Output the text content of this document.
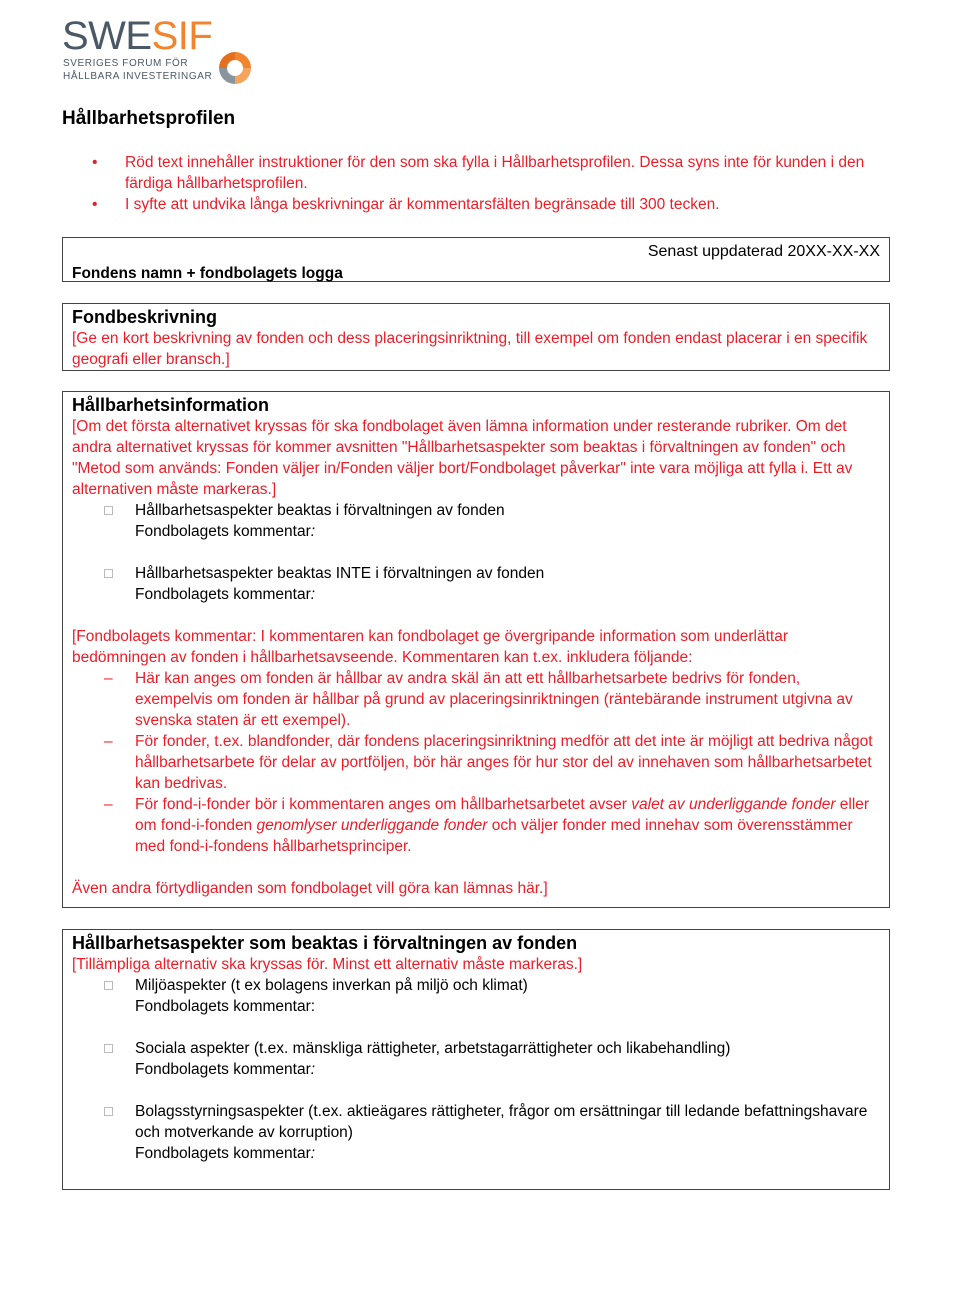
SWESIF
SVERIGES FORUM FÖR
HÅLLBARA INVESTERINGAR
Hållbarhetsprofilen
• Röd text innehåller instruktioner för den som ska fylla i Hållbarhetsprofilen. Dessa syns inte för kunden i den färdiga hållbarhetsprofilen.
• I syfte att undvika långa beskrivningar är kommentarsfälten begränsade till 300 tecken.
Senast uppdaterad 20XX-XX-XX
Fondens namn + fondbolagets logga
Fondbeskrivning
[Ge en kort beskrivning av fonden och dess placeringsinriktning, till exempel om fonden endast placerar i en specifik geografi eller bransch.]
Hållbarhetsinformation
[Om det första alternativet kryssas för ska fondbolaget även lämna information under resterande rubriker. Om det andra alternativet kryssas för kommer avsnitten "Hållbarhetsaspekter som beaktas i förvaltningen av fonden" och "Metod som används: Fonden väljer in/Fonden väljer bort/Fondbolaget påverkar" inte vara möjliga att fylla i. Ett av alternativen måste markeras.]
Hållbarhetsaspekter beaktas i förvaltningen av fonden
Fondbolagets kommentar:
Hållbarhetsaspekter beaktas INTE i förvaltningen av fonden
Fondbolagets kommentar:
[Fondbolagets kommentar: I kommentaren kan fondbolaget ge övergripande information som underlättar bedömningen av fonden i hållbarhetsavseende. Kommentaren kan t.ex. inkludera följande:
– Här kan anges om fonden är hållbar av andra skäl än att ett hållbarhetsarbete bedrivs för fonden, exempelvis om fonden är hållbar på grund av placeringsinriktningen (räntebärande instrument utgivna av svenska staten är ett exempel).
– För fonder, t.ex. blandfonder, där fondens placeringsinriktning medför att det inte är möjligt att bedriva något hållbarhetsarbete för delar av portföljen, bör här anges för hur stor del av innehaven som hållbarhetsarbetet kan bedrivas.
– För fond-i-fonder bör i kommentaren anges om hållbarhetsarbetet avser valet av underliggande fonder eller om fond-i-fonden genomlyser underliggande fonder och väljer fonder med innehav som överensstämmer med fond-i-fondens hållbarhetsprinciper.
Även andra förtydliganden som fondbolaget vill göra kan lämnas här.]
Hållbarhetsaspekter som beaktas i förvaltningen av fonden
[Tillämpliga alternativ ska kryssas för. Minst ett alternativ måste markeras.]
Miljöaspekter (t ex bolagens inverkan på miljö och klimat)
Fondbolagets kommentar:
Sociala aspekter (t.ex. mänskliga rättigheter, arbetstagarrättigheter och likabehandling)
Fondbolagets kommentar:
Bolagsstyrningsaspekter (t.ex. aktieägares rättigheter, frågor om ersättningar till ledande befattningshavare och motverkande av korruption)
Fondbolagets kommentar:
